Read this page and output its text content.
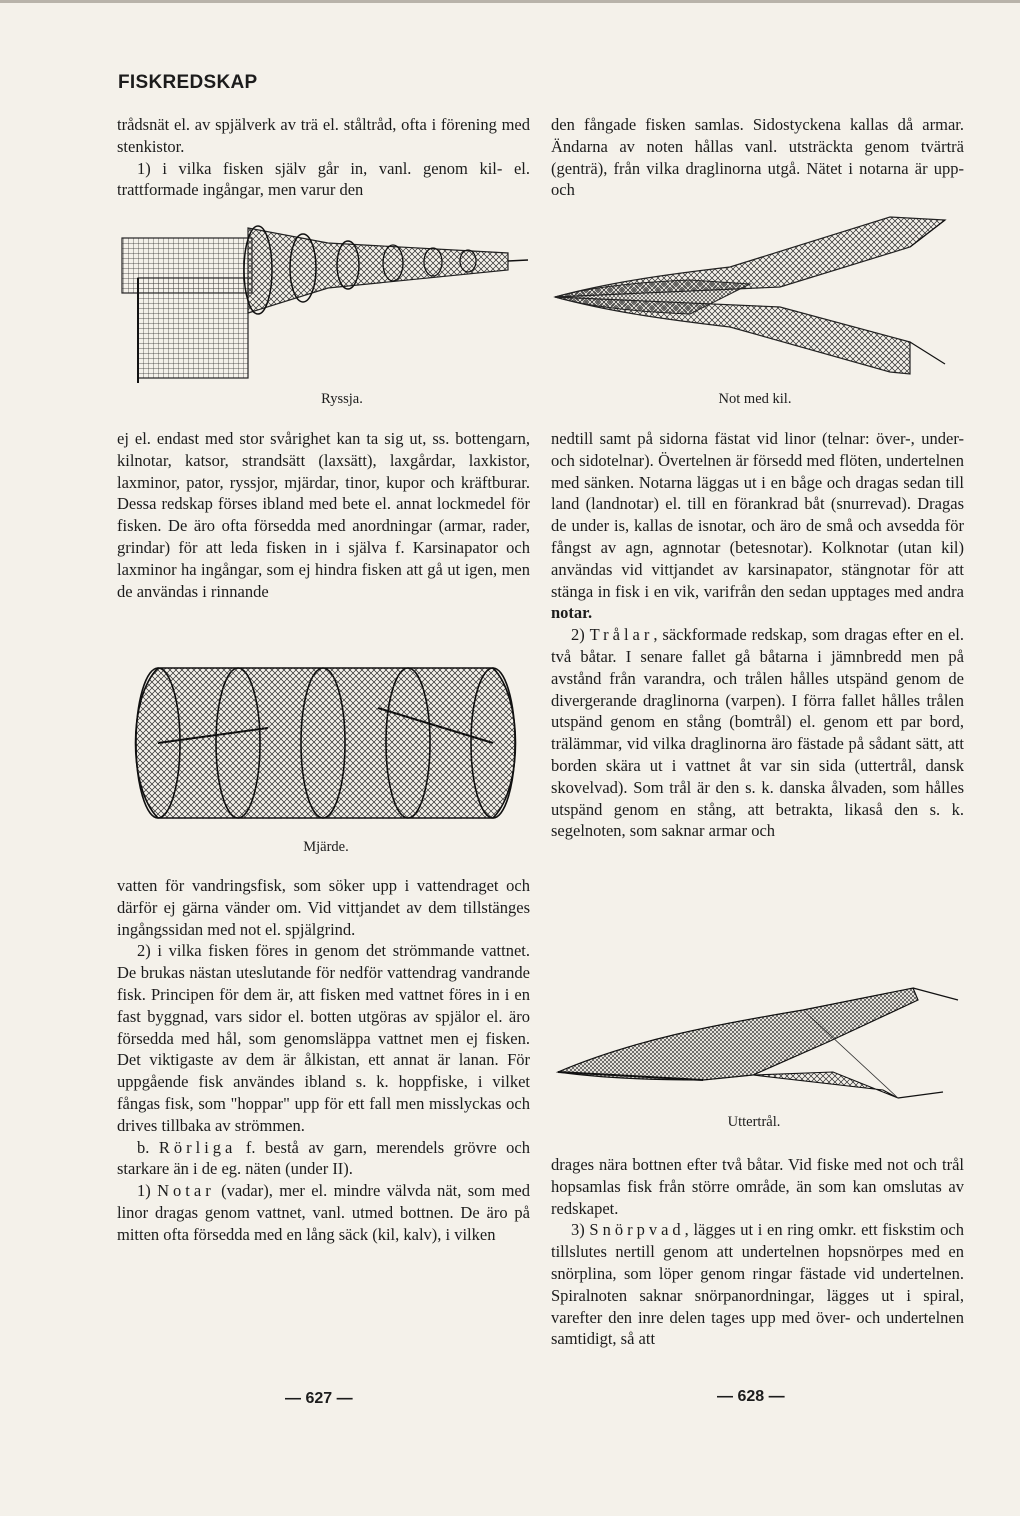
FISKREDSKAP

trådsnät el. av spjälverk av trä el. ståltråd, ofta i förening med stenkistor.

1) i vilka fisken själv går in, vanl. genom kil- el. trattformade ingångar, men varur den

den fångade fisken samlas. Sidostyckena kallas då armar. Ändarna av noten hållas vanl. utsträckta genom tvärträ (genträ), från vilka draglinorna utgå. Nätet i notarna är upp- och

Ryssja.	Not med kil.

ej el. endast med stor svårighet kan ta sig ut, ss. bottengarn, kilnotar, katsor, strandsätt (laxsätt), laxgårdar, laxkistor, laxminor, pator, ryssjor, mjärdar, tinor, kupor och kräftburar. Dessa redskap förses ibland med bete el. annat lockmedel för fisken. De äro ofta försedda med anordningar (armar, rader, grindar) för att leda fisken in i själva f. Karsinapator och laxminor ha ingångar, som ej hindra fisken att gå ut igen, men de användas i rinnande

Mjärde.

vatten för vandringsfisk, som söker upp i vattendraget och därför ej gärna vänder om. Vid vittjandet av dem tillstänges ingångssidan med not el. spjälgrind.

2) i vilka fisken föres in genom det strömmande vattnet. De brukas nästan uteslutande för nedför vattendrag vandrande fisk. Principen för dem är, att fisken med vattnet föres in i en fast byggnad, vars sidor el. botten utgöras av spjälor el. äro försedda med hål, som genomsläppa vattnet men ej fisken. Det viktigaste av dem är ålkistan, ett annat är lanan. För uppgående fisk användes ibland s. k. hoppfiske, i vilket fångas fisk, som "hoppar" upp för ett fall men misslyckas och drives tillbaka av strömmen.

b. Rörliga f. bestå av garn, merendels grövre och starkare än i de eg. näten (under II).

1) Notar (vadar), mer el. mindre välvda nät, som med linor dragas genom vattnet, vanl. utmed bottnen. De äro på mitten ofta försedda med en lång säck (kil, kalv), i vilken

nedtill samt på sidorna fästat vid linor (telnar: över-, under- och sidotelnar). Övertelnen är försedd med flöten, undertelnen med sänken. Notarna läggas ut i en båge och dragas sedan till land (landnotar) el. till en förankrad båt (snurrevad). Dragas de under is, kallas de isnotar, och äro de små och avsedda för fångst av agn, agnnotar (betesnotar). Kolknotar (utan kil) användas vid vittjandet av karsinapator, stängnotar för att stänga in fisk i en vik, varifrån den sedan upptages med andra notar.

2) Trålar, säckformade redskap, som dragas efter en el. två båtar. I senare fallet gå båtarna i jämnbredd men på avstånd från varandra, och trålen hålles utspänd genom de divergerande draglinorna (varpen). I förra fallet hålles trålen utspänd genom en stång (bomtrål) el. genom ett par bord, trälämmar, vid vilka draglinorna äro fästade på sådant sätt, att borden skära ut i vattnet åt var sin sida (uttertrål, dansk skovelvad). Som trål är den s. k. danska ålvaden, som hålles utspänd genom en stång, att betrakta, likaså den s. k. segelnoten, som saknar armar och

Uttertrål.

drages nära bottnen efter två båtar. Vid fiske med not och trål hopsamlas fisk från större område, än som kan omslutas av redskapet.

3) Snörpvad, lägges ut i en ring omkr. ett fiskstim och tillslutes nertill genom att undertelnen hopsnörpes med en snörplina, som löper genom ringar fästade vid undertelnen. Spiralnoten saknar snörpanordningar, lägges ut i spiral, varefter den inre delen tages upp med över- och undertelnen samtidigt, så att

— 627 —	— 628 —
